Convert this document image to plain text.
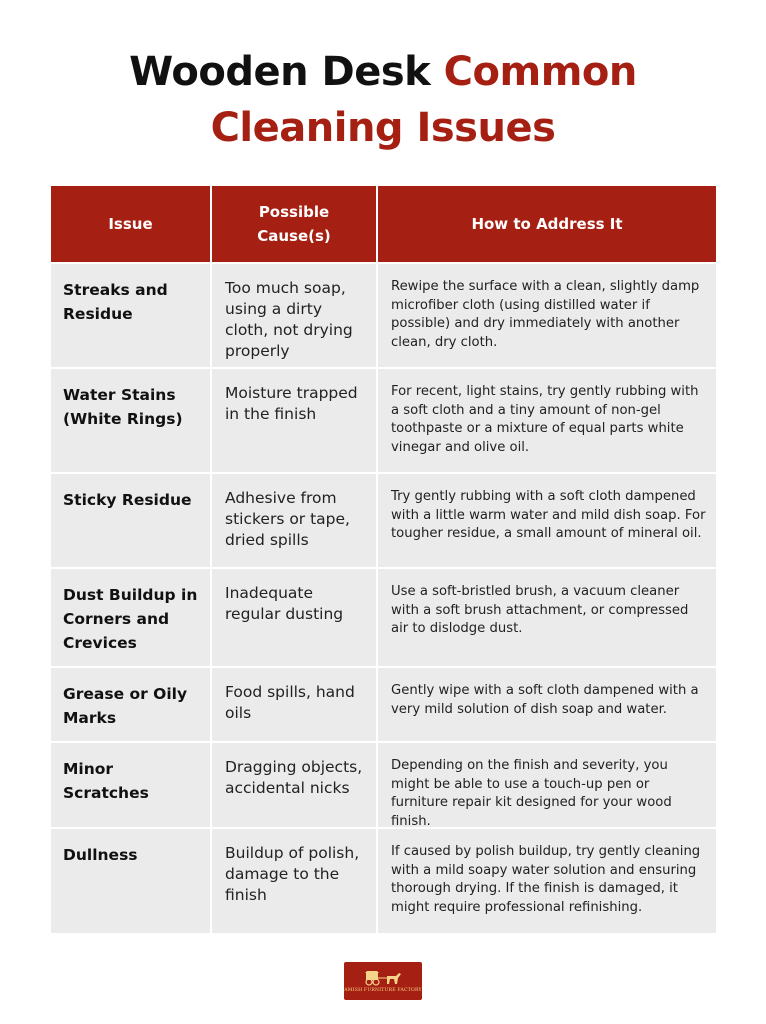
Wooden Desk Common
Cleaning Issues
Issue
Possible Cause(s)
How to Address It
Streaks and Residue
Too much soap, using a dirty cloth, not drying properly
Rewipe the surface with a clean, slightly damp microfiber cloth (using distilled water if possible) and dry immediately with another clean, dry cloth.
Water Stains (White Rings)
Moisture trapped in the finish
For recent, light stains, try gently rubbing with a soft cloth and a tiny amount of non-gel toothpaste or a mixture of equal parts white vinegar and olive oil.
Sticky Residue	Adhesive from stickers or tape, dried spills
Try gently rubbing with a soft cloth dampened with a little warm water and mild dish soap. For tougher residue, a small amount of mineral oil.
Dust Buildup in Corners and Crevices
Inadequate regular dusting
Use a soft-bristled brush, a vacuum cleaner with a soft brush attachment, or compressed air to dislodge dust.
Grease or Oily Marks
Food spills, hand oils
Gently wipe with a soft cloth dampened with a very mild solution of dish soap and water.
Minor Scratches
Dragging objects, accidental nicks
Depending on the finish and severity, you might be able to use a touch-up pen or furniture repair kit designed for your wood finish.
Dullness	Buildup of polish, damage to the finish
If caused by polish buildup, try gently cleaning with a mild soapy water solution and ensuring thorough drying. If the finish is damaged, it might require professional refinishing.
AMISH FURNITURE FACTORY
